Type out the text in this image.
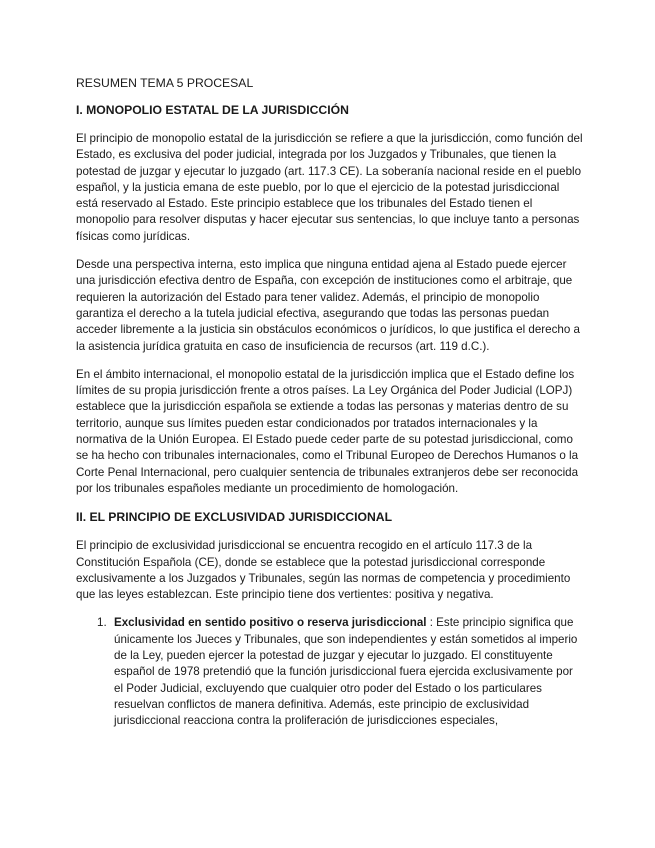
RESUMEN TEMA 5 PROCESAL
I. MONOPOLIO ESTATAL DE LA JURISDICCIÓN

El principio de monopolio estatal de la jurisdicción se refiere a que la jurisdicción, como función del Estado, es exclusiva del poder judicial, integrada por los Juzgados y Tribunales, que tienen la potestad de juzgar y ejecutar lo juzgado (art. 117.3 CE). La soberanía nacional reside en el pueblo español, y la justicia emana de este pueblo, por lo que el ejercicio de la potestad jurisdiccional está reservado al Estado. Este principio establece que los tribunales del Estado tienen el monopolio para resolver disputas y hacer ejecutar sus sentencias, lo que incluye tanto a personas físicas como jurídicas.

Desde una perspectiva interna, esto implica que ninguna entidad ajena al Estado puede ejercer una jurisdicción efectiva dentro de España, con excepción de instituciones como el arbitraje, que requieren la autorización del Estado para tener validez. Además, el principio de monopolio garantiza el derecho a la tutela judicial efectiva, asegurando que todas las personas puedan acceder libremente a la justicia sin obstáculos económicos o jurídicos, lo que justifica el derecho a la asistencia jurídica gratuita en caso de insuficiencia de recursos (art. 119 d.C.).

En el ámbito internacional, el monopolio estatal de la jurisdicción implica que el Estado define los límites de su propia jurisdicción frente a otros países. La Ley Orgánica del Poder Judicial (LOPJ) establece que la jurisdicción española se extiende a todas las personas y materias dentro de su territorio, aunque sus límites pueden estar condicionados por tratados internacionales y la normativa de la Unión Europea. El Estado puede ceder parte de su potestad jurisdiccional, como se ha hecho con tribunales internacionales, como el Tribunal Europeo de Derechos Humanos o la Corte Penal Internacional, pero cualquier sentencia de tribunales extranjeros debe ser reconocida por los tribunales españoles mediante un procedimiento de homologación.

II. EL PRINCIPIO DE EXCLUSIVIDAD JURISDICCIONAL

El principio de exclusividad jurisdiccional se encuentra recogido en el artículo 117.3 de la Constitución Española (CE), donde se establece que la potestad jurisdiccional corresponde exclusivamente a los Juzgados y Tribunales, según las normas de competencia y procedimiento que las leyes establezcan. Este principio tiene dos vertientes: positiva y negativa.

1. Exclusividad en sentido positivo o reserva jurisdiccional : Este principio significa que únicamente los Jueces y Tribunales, que son independientes y están sometidos al imperio de la Ley, pueden ejercer la potestad de juzgar y ejecutar lo juzgado. El constituyente español de 1978 pretendió que la función jurisdiccional fuera ejercida exclusivamente por el Poder Judicial, excluyendo que cualquier otro poder del Estado o los particulares resuelvan conflictos de manera definitiva. Además, este principio de exclusividad jurisdiccional reacciona contra la proliferación de jurisdicciones especiales,
